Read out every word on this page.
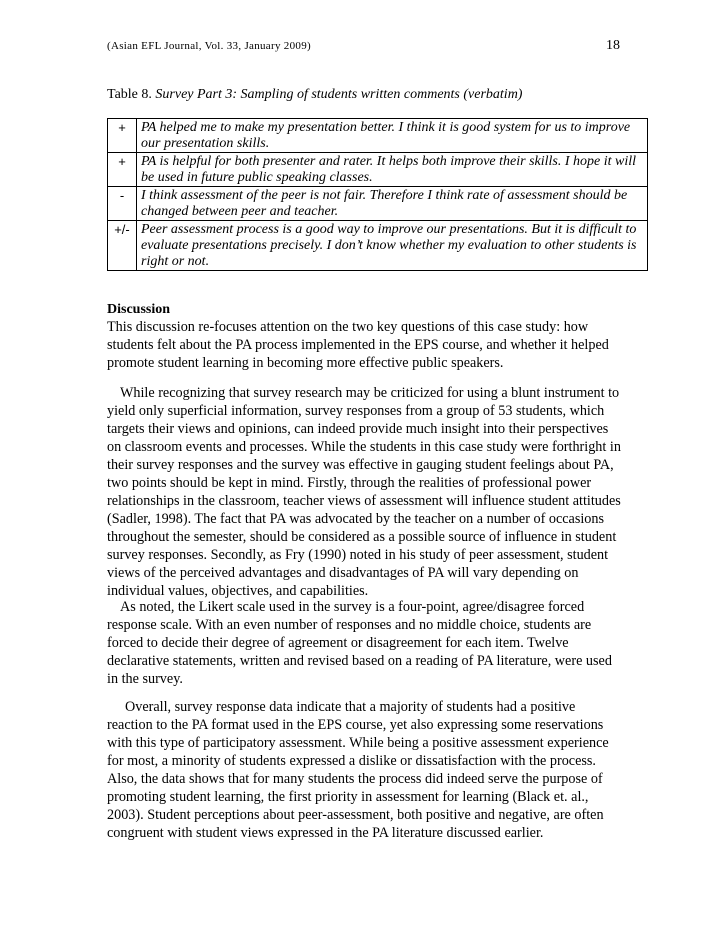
(Asian EFL Journal, Vol. 33, January 2009)	18
Table 8. Survey Part 3: Sampling of students written comments (verbatim)
+	PA helped me to make my presentation better. I think it is good system for us to improve our presentation skills.
+	PA is helpful for both presenter and rater. It helps both improve their skills. I hope it will be used in future public speaking classes.
-	I think assessment of the peer is not fair. Therefore I think rate of assessment should be changed between peer and teacher.
+/-	Peer assessment process is a good way to improve our presentations. But it is difficult to evaluate presentations precisely. I don’t know whether my evaluation to other students is right or not.
Discussion

This discussion re-focuses attention on the two key questions of this case study: how students felt about the PA process implemented in the EPS course, and whether it helped promote student learning in becoming more effective public speakers.

While recognizing that survey research may be criticized for using a blunt instrument to yield only superficial information, survey responses from a group of 53 students, which targets their views and opinions, can indeed provide much insight into their perspectives on classroom events and processes. While the students in this case study were forthright in their survey responses and the survey was effective in gauging student feelings about PA, two points should be kept in mind. Firstly, through the realities of professional power relationships in the classroom, teacher views of assessment will influence student attitudes (Sadler, 1998). The fact that PA was advocated by the teacher on a number of occasions throughout the semester, should be considered as a possible source of influence in student survey responses. Secondly, as Fry (1990) noted in his study of peer assessment, student views of the perceived advantages and disadvantages of PA will vary depending on individual values, objectives, and capabilities.

As noted, the Likert scale used in the survey is a four-point, agree/disagree forced response scale. With an even number of responses and no middle choice, students are forced to decide their degree of agreement or disagreement for each item. Twelve declarative statements, written and revised based on a reading of PA literature, were used in the survey.

Overall, survey response data indicate that a majority of students had a positive reaction to the PA format used in the EPS course, yet also expressing some reservations with this type of participatory assessment. While being a positive assessment experience for most, a minority of students expressed a dislike or dissatisfaction with the process. Also, the data shows that for many students the process did indeed serve the purpose of promoting student learning, the first priority in assessment for learning (Black et. al., 2003). Student perceptions about peer-assessment, both positive and negative, are often congruent with student views expressed in the PA literature discussed earlier.
